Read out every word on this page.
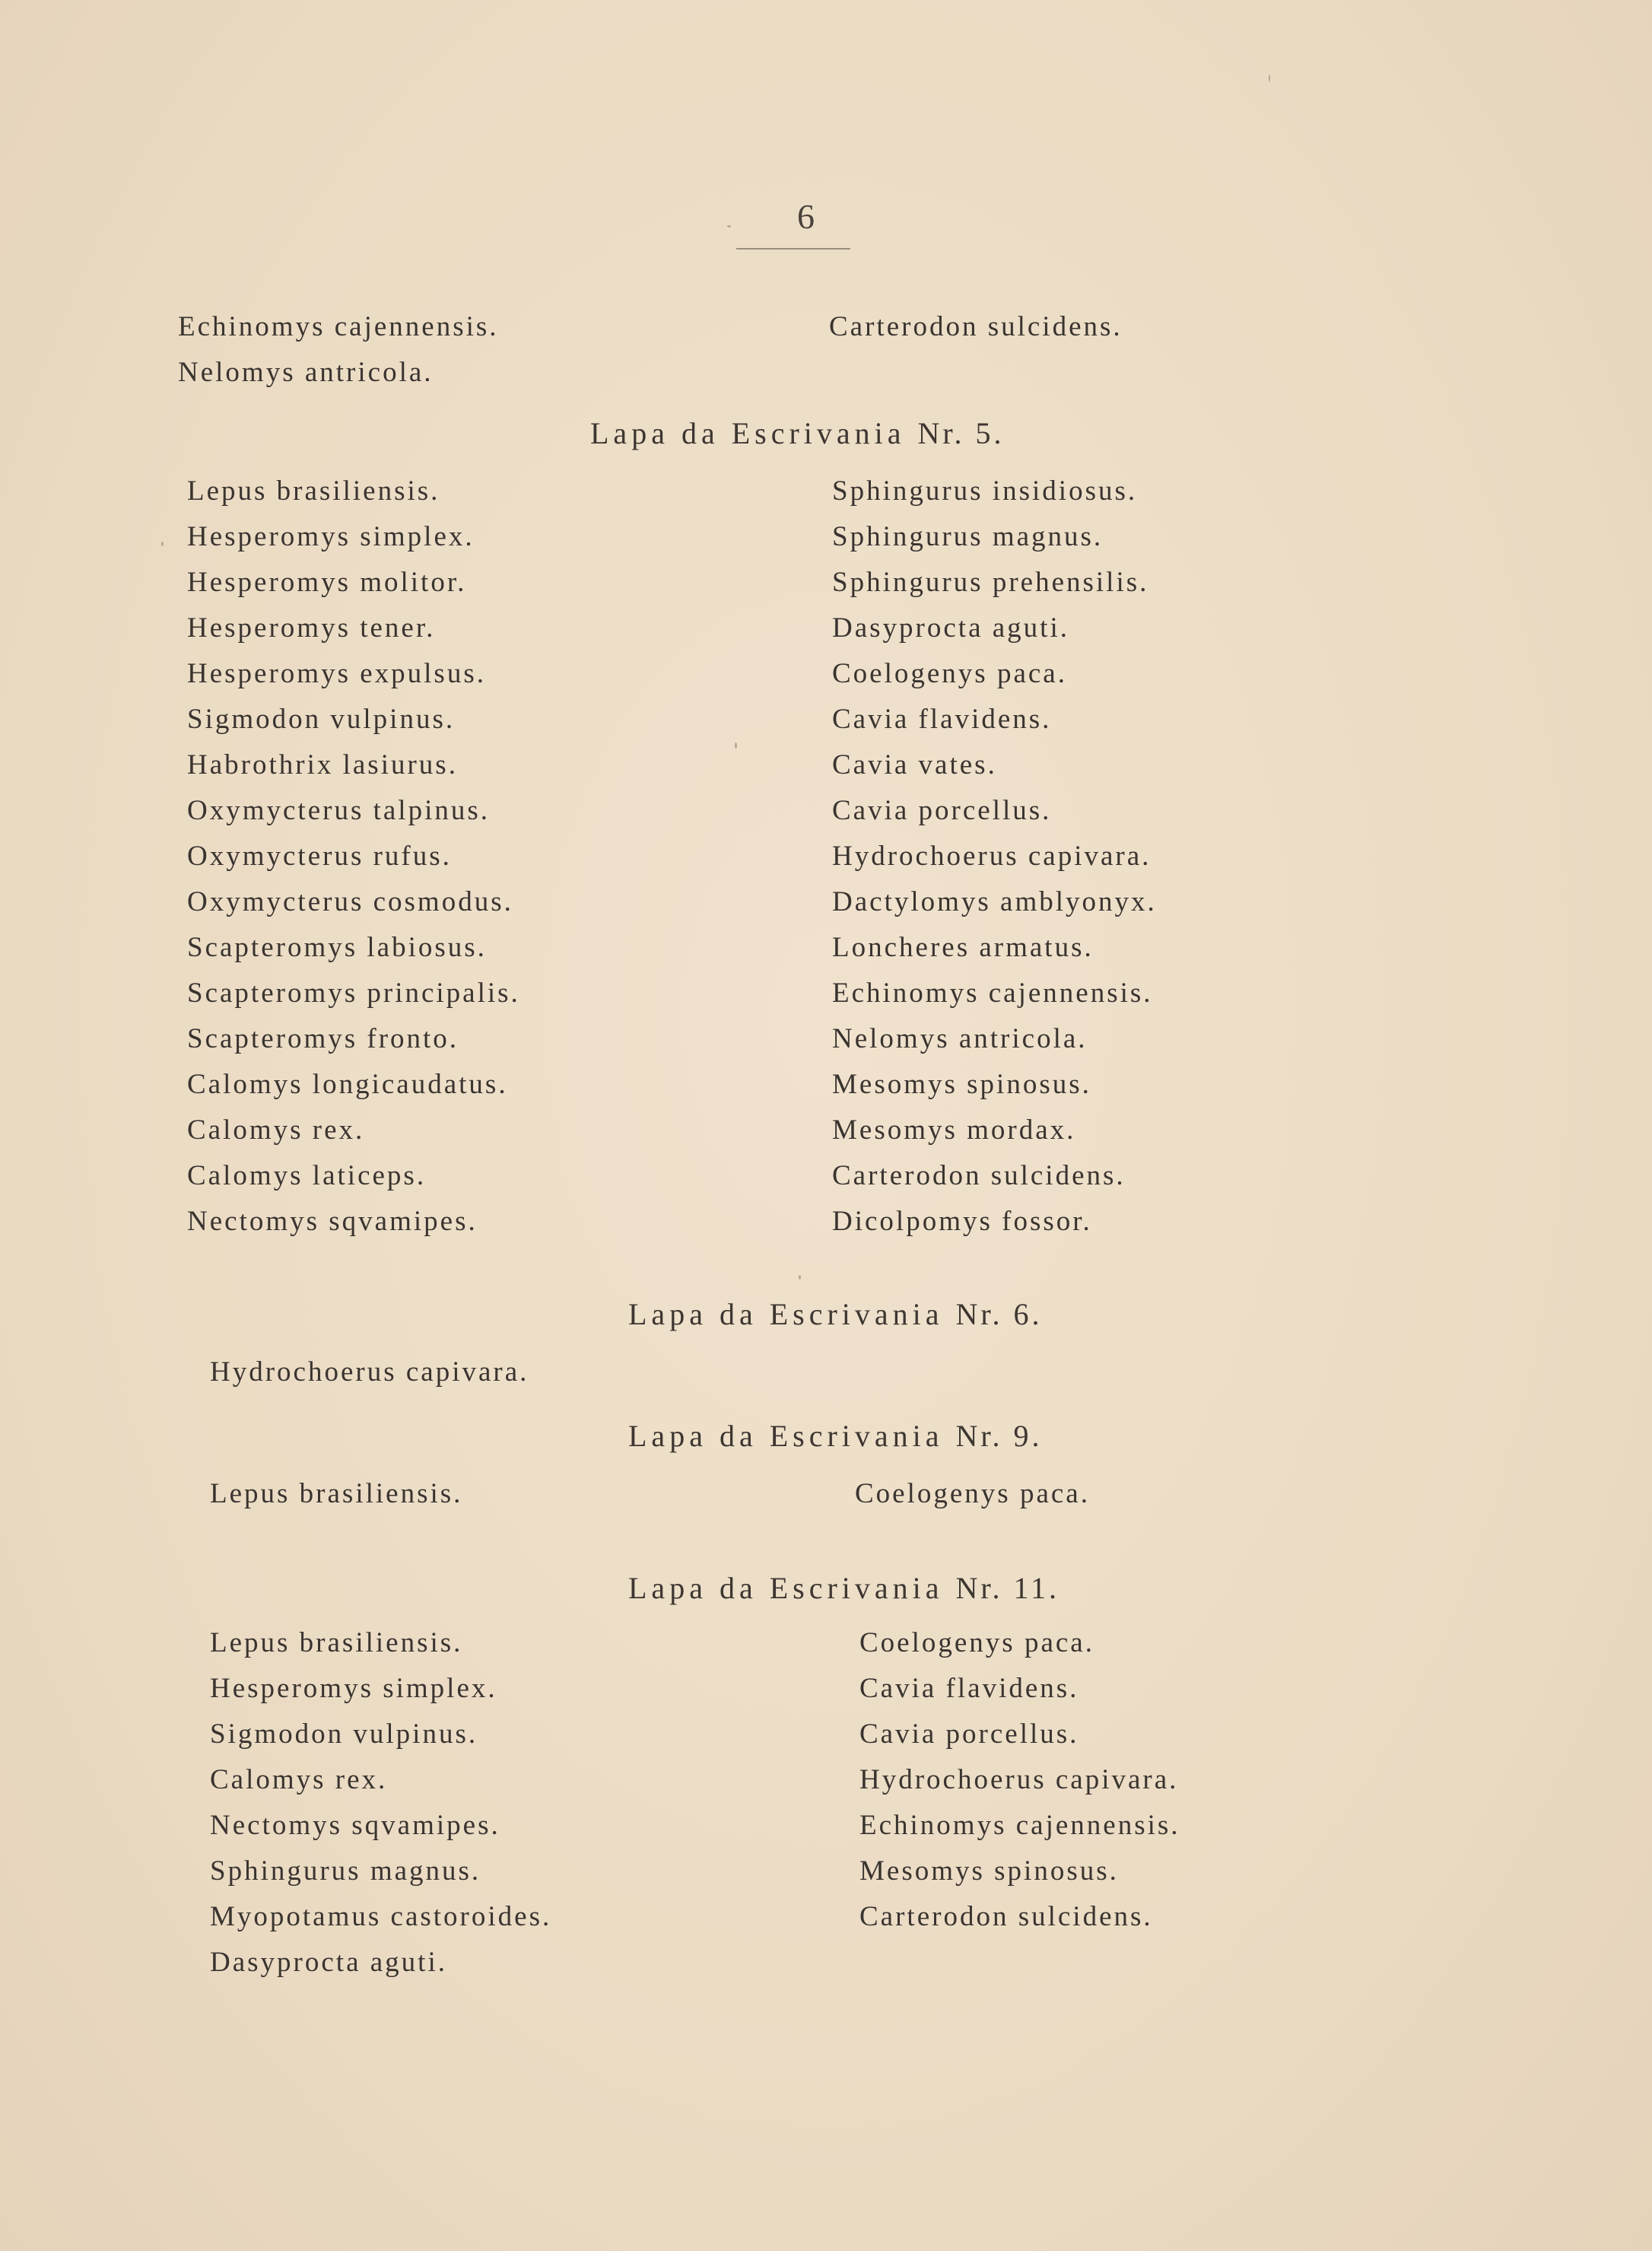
6
Echinomys cajennensis.
Nelomys antricola.
Carterodon sulcidens.
Lapa da Escrivania Nr. 5.
Lepus brasiliensis.
Hesperomys simplex.
Hesperomys molitor.
Hesperomys tener.
Hesperomys expulsus.
Sigmodon vulpinus.
Habrothrix lasiurus.
Oxymycterus talpinus.
Oxymycterus rufus.
Oxymycterus cosmodus.
Scapteromys labiosus.
Scapteromys principalis.
Scapteromys fronto.
Calomys longicaudatus.
Calomys rex.
Calomys laticeps.
Nectomys sqvamipes.
Sphingurus insidiosus.
Sphingurus magnus.
Sphingurus prehensilis.
Dasyprocta aguti.
Coelogenys paca.
Cavia flavidens.
Cavia vates.
Cavia porcellus.
Hydrochoerus capivara.
Dactylomys amblyonyx.
Loncheres armatus.
Echinomys cajennensis.
Nelomys antricola.
Mesomys spinosus.
Mesomys mordax.
Carterodon sulcidens.
Dicolpomys fossor.
Lapa da Escrivania Nr. 6.
Hydrochoerus capivara.
Lapa da Escrivania Nr. 9.
Lepus brasiliensis.	Coelogenys paca.
Lapa da Escrivania Nr. 11.
Lepus brasiliensis.
Hesperomys simplex.
Sigmodon vulpinus.
Calomys rex.
Nectomys sqvamipes.
Sphingurus magnus.
Myopotamus castoroides.
Dasyprocta aguti.
Coelogenys paca.
Cavia flavidens.
Cavia porcellus.
Hydrochoerus capivara.
Echinomys cajennensis.
Mesomys spinosus.
Carterodon sulcidens.
